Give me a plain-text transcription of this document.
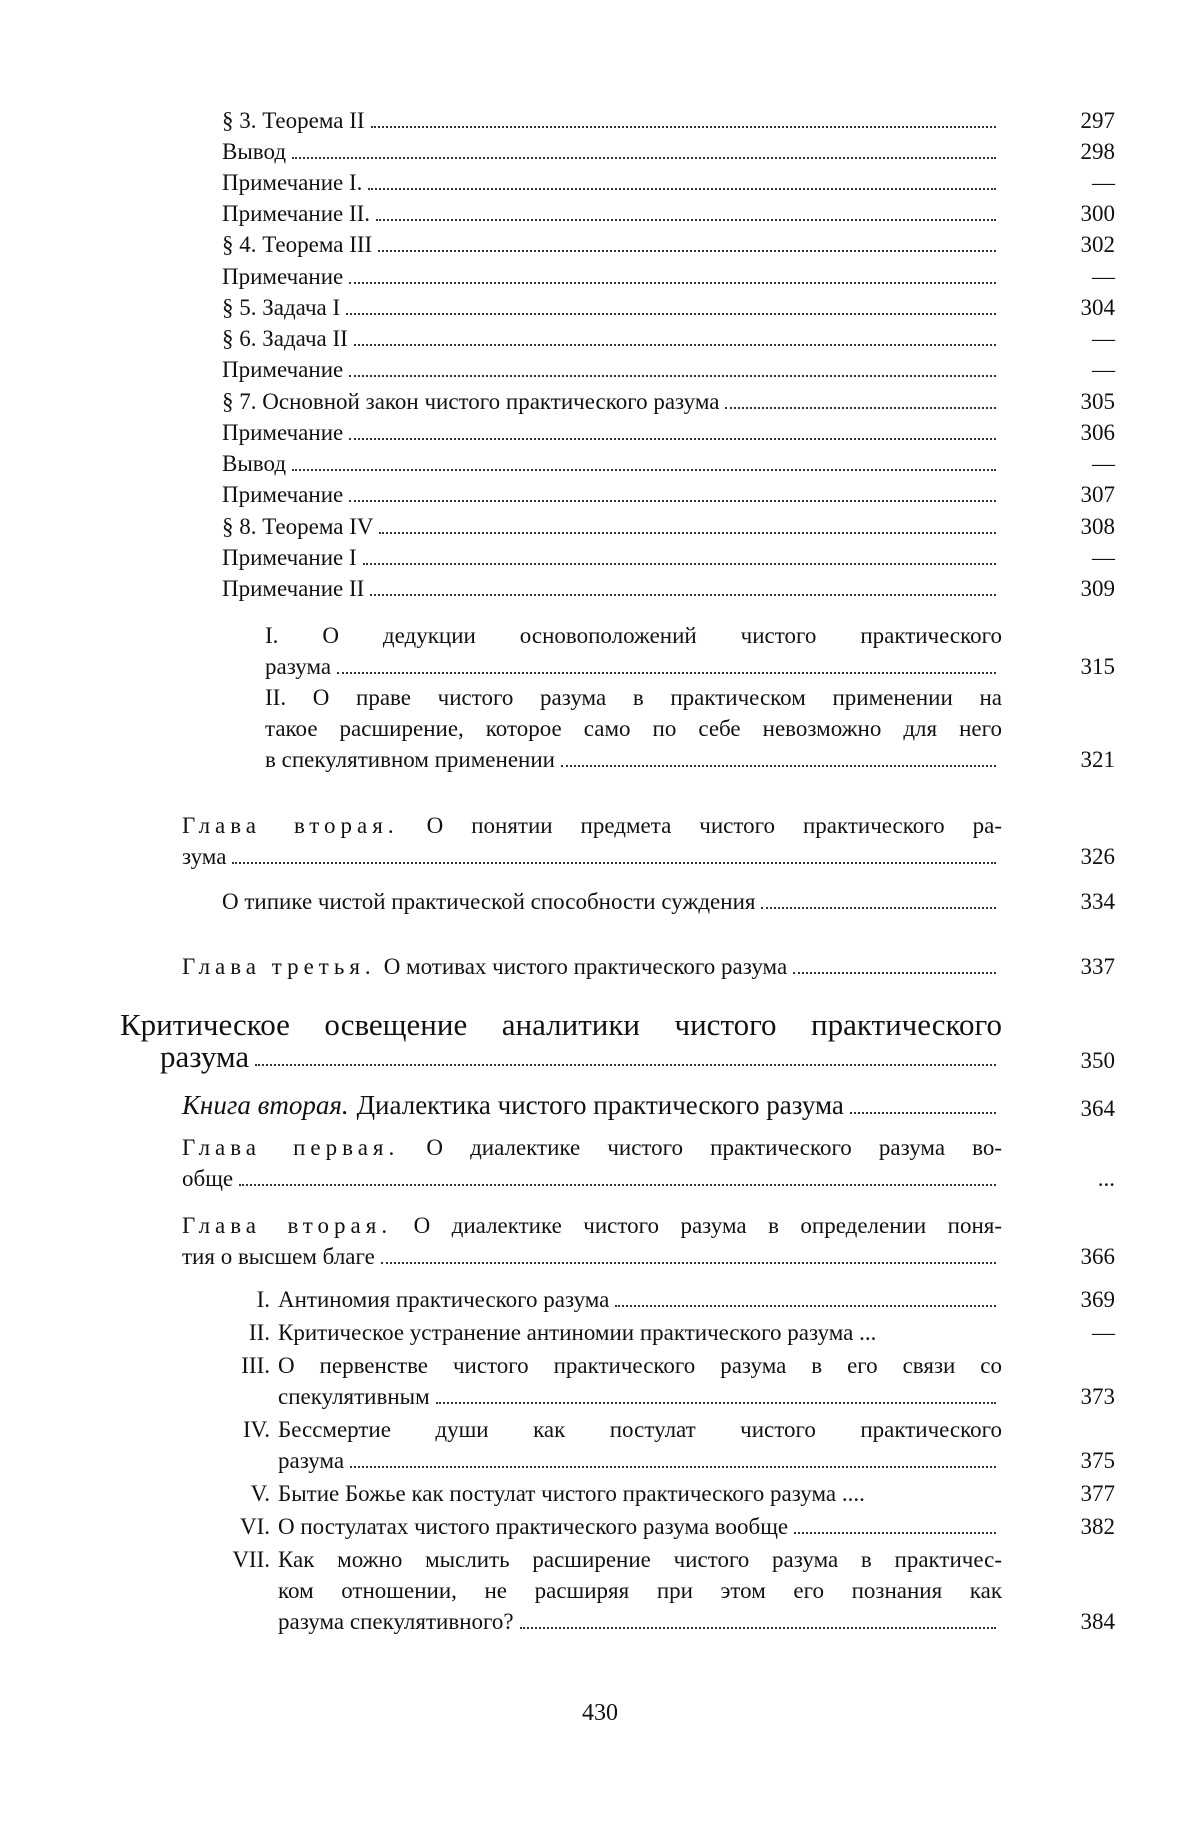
§ 3. Теорема II	297
Вывод	298
Примечание I.	—
Примечание II.	300
§ 4. Теорема III	302
Примечание	—
§ 5. Задача I	304
§ 6. Задача II	—
Примечание	—
§ 7. Основной закон чистого практического разума	305
Примечание	306
Вывод	—
Примечание	307
§ 8. Теорема IV	308
Примечание I	—
Примечание II	309
I. О дедукции основоположений чистого практического
разума	315
II. О праве чистого разума в практическом применении на
такое расширение, которое само по себе невозможно для него
в спекулятивном применении	321
Глава вторая. О понятии предмета чистого практического ра-
зума	326
О типике чистой практической способности суждения	334
Глава третья. О мотивах чистого практического разума	337
Критическое освещение аналитики чистого практического
разума	350
Книга вторая. Диалектика чистого практического разума	364
Глава первая. О диалектике чистого практического разума во-
обще	...
Глава вторая. О диалектике чистого разума в определении поня-
тия о высшем благе	366
I. Антиномия практического разума	369
II. Критическое устранение антиномии практического разума ...	—
III. О первенстве чистого практического разума в его связи со
спекулятивным	373
IV. Бессмертие души как постулат чистого практического
разума	375
V. Бытие Божье как постулат чистого практического разума ....	377
VI. О постулатах чистого практического разума вообще	382
VII. Как можно мыслить расширение чистого разума в практичес-
ком отношении, не расширяя при этом его познания как
разума спекулятивного?	384
430
